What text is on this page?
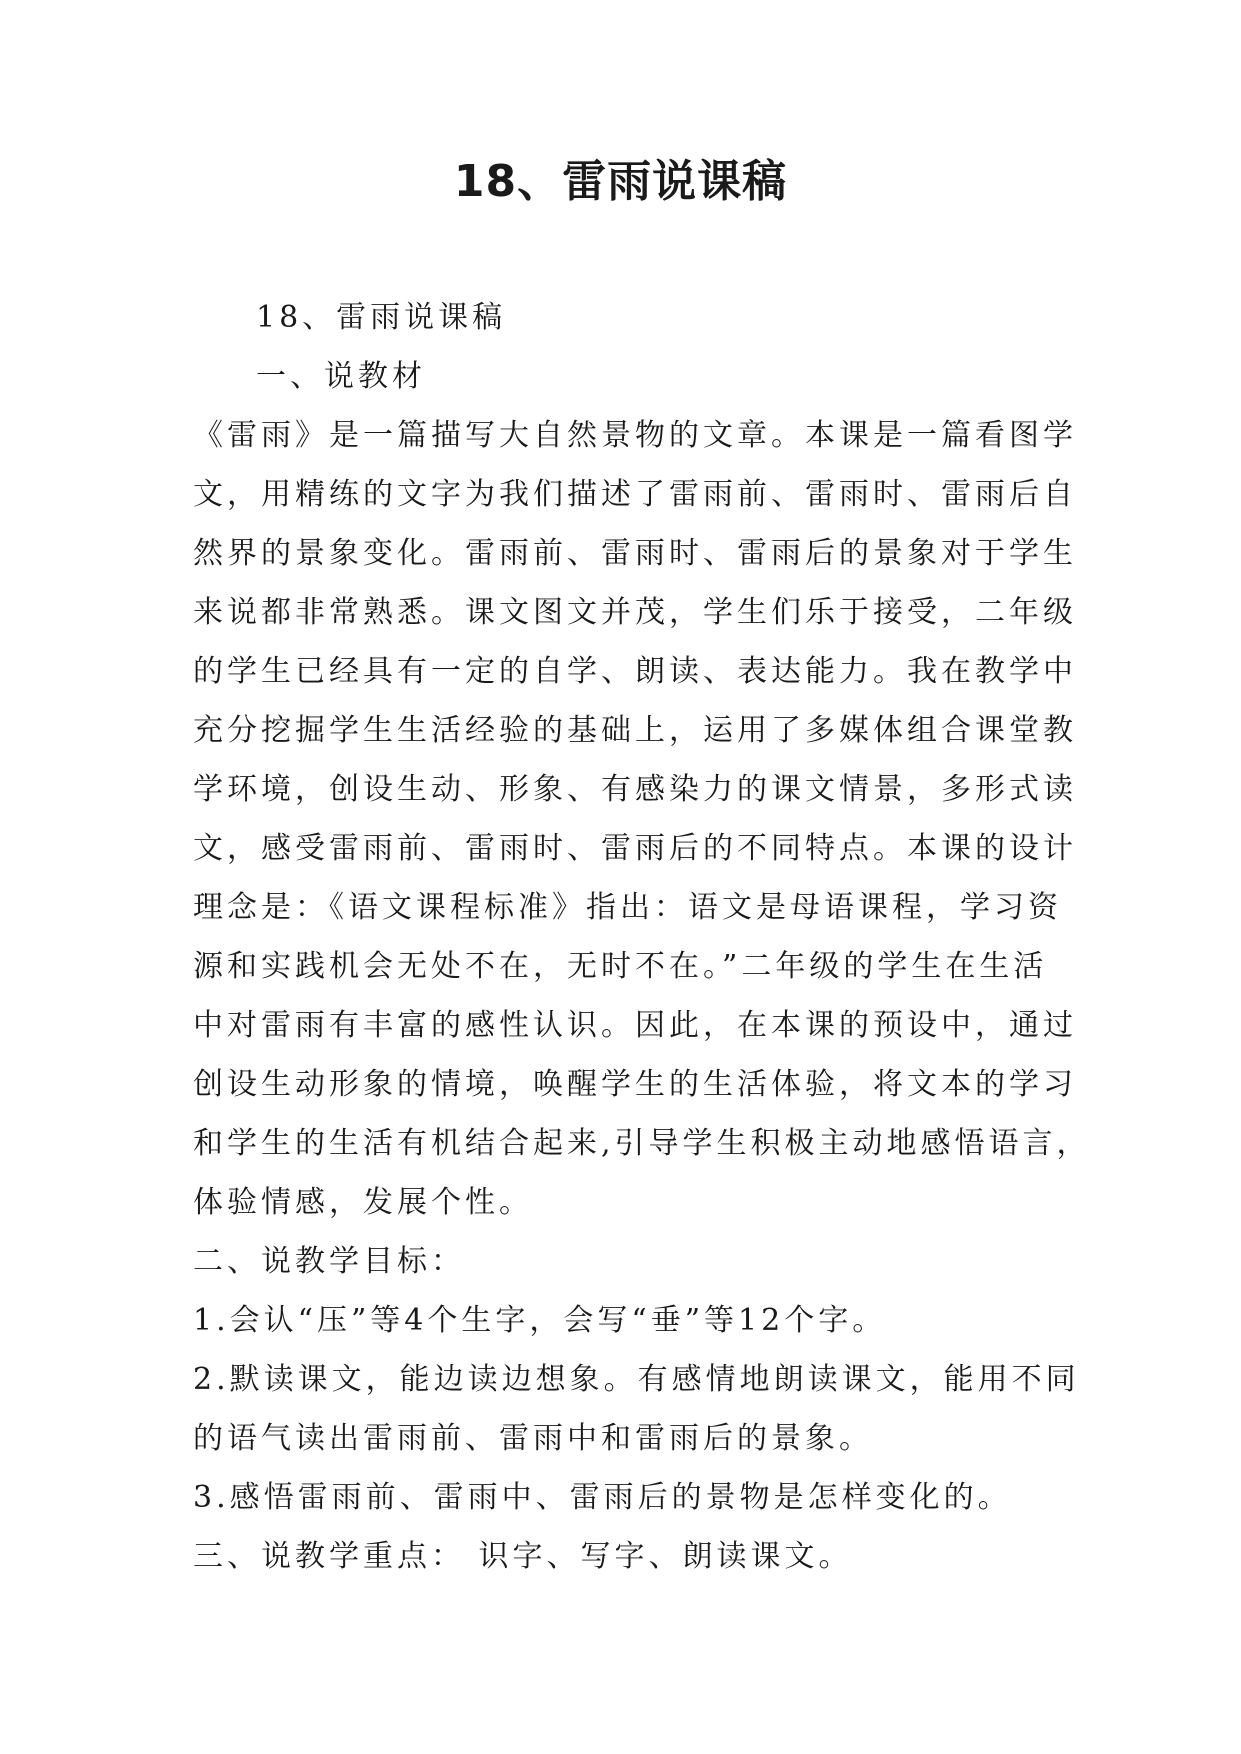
18、雷雨说课稿
18、雷雨说课稿
一、说教材
《雷雨》是一篇描写大自然景物的文章。本课是一篇看图学
文，用精练的文字为我们描述了雷雨前、雷雨时、雷雨后自
然界的景象变化。雷雨前、雷雨时、雷雨后的景象对于学生
来说都非常熟悉。课文图文并茂，学生们乐于接受，二年级
的学生已经具有一定的自学、朗读、表达能力。我在教学中
充分挖掘学生生活经验的基础上，运用了多媒体组合课堂教
学环境，创设生动、形象、有感染力的课文情景，多形式读
文，感受雷雨前、雷雨时、雷雨后的不同特点。本课的设计
理念是：《语文课程标准》指出：语文是母语课程，学习资
源和实践机会无处不在，无时不在。”二年级的学生在生活
中对雷雨有丰富的感性认识。因此，在本课的预设中，通过
创设生动形象的情境，唤醒学生的生活体验，将文本的学习
和学生的生活有机结合起来,引导学生积极主动地感悟语言，
体验情感，发展个性。
二、说教学目标：
1.会认“压”等4个生字，会写“垂”等12个字。
2.默读课文，能边读边想象。有感情地朗读课文，能用不同
的语气读出雷雨前、雷雨中和雷雨后的景象。
3.感悟雷雨前、雷雨中、雷雨后的景物是怎样变化的。
三、说教学重点： 识字、写字、朗读课文。
